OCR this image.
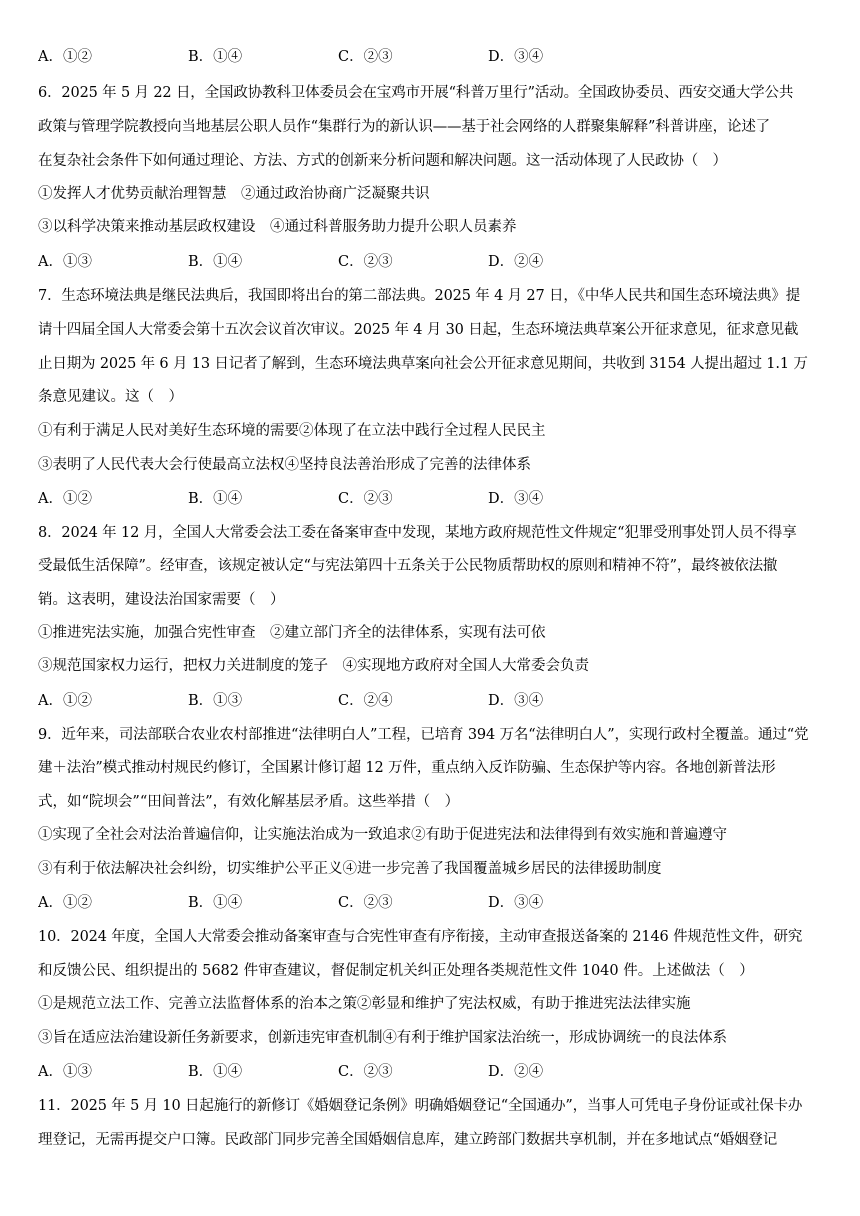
A．①②	B．①④	C．②③	D．③④
6．2025 年 5 月 22 日，全国政协教科卫体委员会在宝鸡市开展“科普万里行”活动。全国政协委员、西安交通大学公共
政策与管理学院教授向当地基层公职人员作“集群行为的新认识——基于社会网络的人群聚集解释”科普讲座，论述了
在复杂社会条件下如何通过理论、方法、方式的创新来分析问题和解决问题。这一活动体现了人民政协（　）
①发挥人才优势贡献治理智慧　②通过政治协商广泛凝聚共识
③以科学决策来推动基层政权建设　④通过科普服务助力提升公职人员素养
A．①③	B．①④	C．②③	D．②④
7．生态环境法典是继民法典后，我国即将出台的第二部法典。2025 年 4 月 27 日，《中华人民共和国生态环境法典》提
请十四届全国人大常委会第十五次会议首次审议。2025 年 4 月 30 日起，生态环境法典草案公开征求意见，征求意见截
止日期为 2025 年 6 月 13 日记者了解到，生态环境法典草案向社会公开征求意见期间，共收到 3154 人提出超过 1.1 万
条意见建议。这（　）
①有利于满足人民对美好生态环境的需要②体现了在立法中践行全过程人民民主
③表明了人民代表大会行使最高立法权④坚持良法善治形成了完善的法律体系
A．①②	B．①④	C．②③	D．③④
8．2024 年 12 月，全国人大常委会法工委在备案审查中发现，某地方政府规范性文件规定“犯罪受刑事处罚人员不得享
受最低生活保障”。经审查，该规定被认定“与宪法第四十五条关于公民物质帮助权的原则和精神不符”，最终被依法撤
销。这表明，建设法治国家需要（　）
①推进宪法实施，加强合宪性审查　②建立部门齐全的法律体系，实现有法可依
③规范国家权力运行，把权力关进制度的笼子　④实现地方政府对全国人大常委会负责
A．①②	B．①③	C．②④	D．③④
9．近年来，司法部联合农业农村部推进“法律明白人”工程，已培育 394 万名“法律明白人”，实现行政村全覆盖。通过“党
建＋法治”模式推动村规民约修订，全国累计修订超 12 万件，重点纳入反诈防骗、生态保护等内容。各地创新普法形
式，如“院坝会”“田间普法”，有效化解基层矛盾。这些举措（　）
①实现了全社会对法治普遍信仰，让实施法治成为一致追求②有助于促进宪法和法律得到有效实施和普遍遵守
③有利于依法解决社会纠纷，切实维护公平正义④进一步完善了我国覆盖城乡居民的法律援助制度
A．①②	B．①④	C．②③	D．③④
10．2024 年度，全国人大常委会推动备案审查与合宪性审查有序衔接，主动审查报送备案的 2146 件规范性文件，研究
和反馈公民、组织提出的 5682 件审查建议，督促制定机关纠正处理各类规范性文件 1040 件。上述做法（　）
①是规范立法工作、完善立法监督体系的治本之策②彰显和维护了宪法权威，有助于推进宪法法律实施
③旨在适应法治建设新任务新要求，创新违宪审查机制④有利于维护国家法治统一，形成协调统一的良法体系
A．①③	B．①④	C．②③	D．②④
11．2025 年 5 月 10 日起施行的新修订《婚姻登记条例》明确婚姻登记“全国通办”，当事人可凭电子身份证或社保卡办
理登记，无需再提交户口簿。民政部门同步完善全国婚姻信息库，建立跨部门数据共享机制，并在多地试点“婚姻登记
